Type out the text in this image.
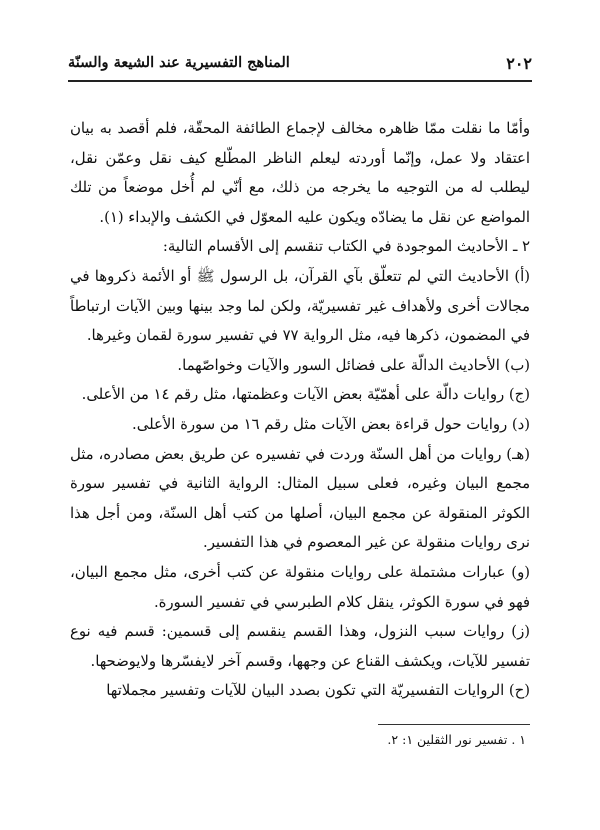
٢٠٢
المناهج التفسيرية عند الشيعة والسنّة

وأمّا ما نقلت ممّا ظاهره مخالف لإجماع الطائفة المحقّة، فلم أقصد به بيان اعتقاد ولا عمل، وإنّما أوردته ليعلم الناظر المطّلع كيف نقل وعمّن نقل، ليطلب له من التوجيه ما يخرجه من ذلك، مع أنّي لم أُخل موضعاً من تلك المواضع عن نقل ما يضادّه ويكون عليه المعوّل في الكشف والإبداء (١).

٢ ـ الأحاديث الموجودة في الكتاب تنقسم إلى الأقسام التالية:

(أ) الأحاديث التي لم تتعلّق بآي القرآن، بل الرسول ﷺ أو الأئمة ذكروها في مجالات أخرى ولأهداف غير تفسيريّة، ولكن لما وجد بينها وبين الآيات ارتباطاً في المضمون، ذكرها فيه، مثل الرواية ٧٧ في تفسير سورة لقمان وغيرها.

(ب) الأحاديث الدالّة على فضائل السور والآيات وخواصّهما.

(ج) روايات دالّة على أهمّيّة بعض الآيات وعظمتها، مثل رقم ١٤ من الأعلى.

(د) روايات حول قراءة بعض الآيات مثل رقم ١٦ من سورة الأعلى.

(هـ) روايات من أهل السنّة وردت في تفسيره عن طريق بعض مصادره، مثل مجمع البيان وغيره، فعلى سبيل المثال: الرواية الثانية في تفسير سورة الكوثر المنقولة عن مجمع البيان، أصلها من كتب أهل السنّة، ومن أجل هذا نرى روايات منقولة عن غير المعصوم في هذا التفسير.

(و) عبارات مشتملة على روايات منقولة عن كتب أخرى، مثل مجمع البيان، فهو في سورة الكوثر، ينقل كلام الطبرسي في تفسير السورة.

(ز) روايات سبب النزول، وهذا القسم ينقسم إلى قسمين: قسم فيه نوع تفسير للآيات، ويكشف القناع عن وجهها، وقسم آخر لايفسّرها ولايوضحها.

(ح) الروايات التفسيريّة التي تكون بصدد البيان للآيات وتفسير مجملاتها

١ . تفسير نور الثقلين ١: ٢.
